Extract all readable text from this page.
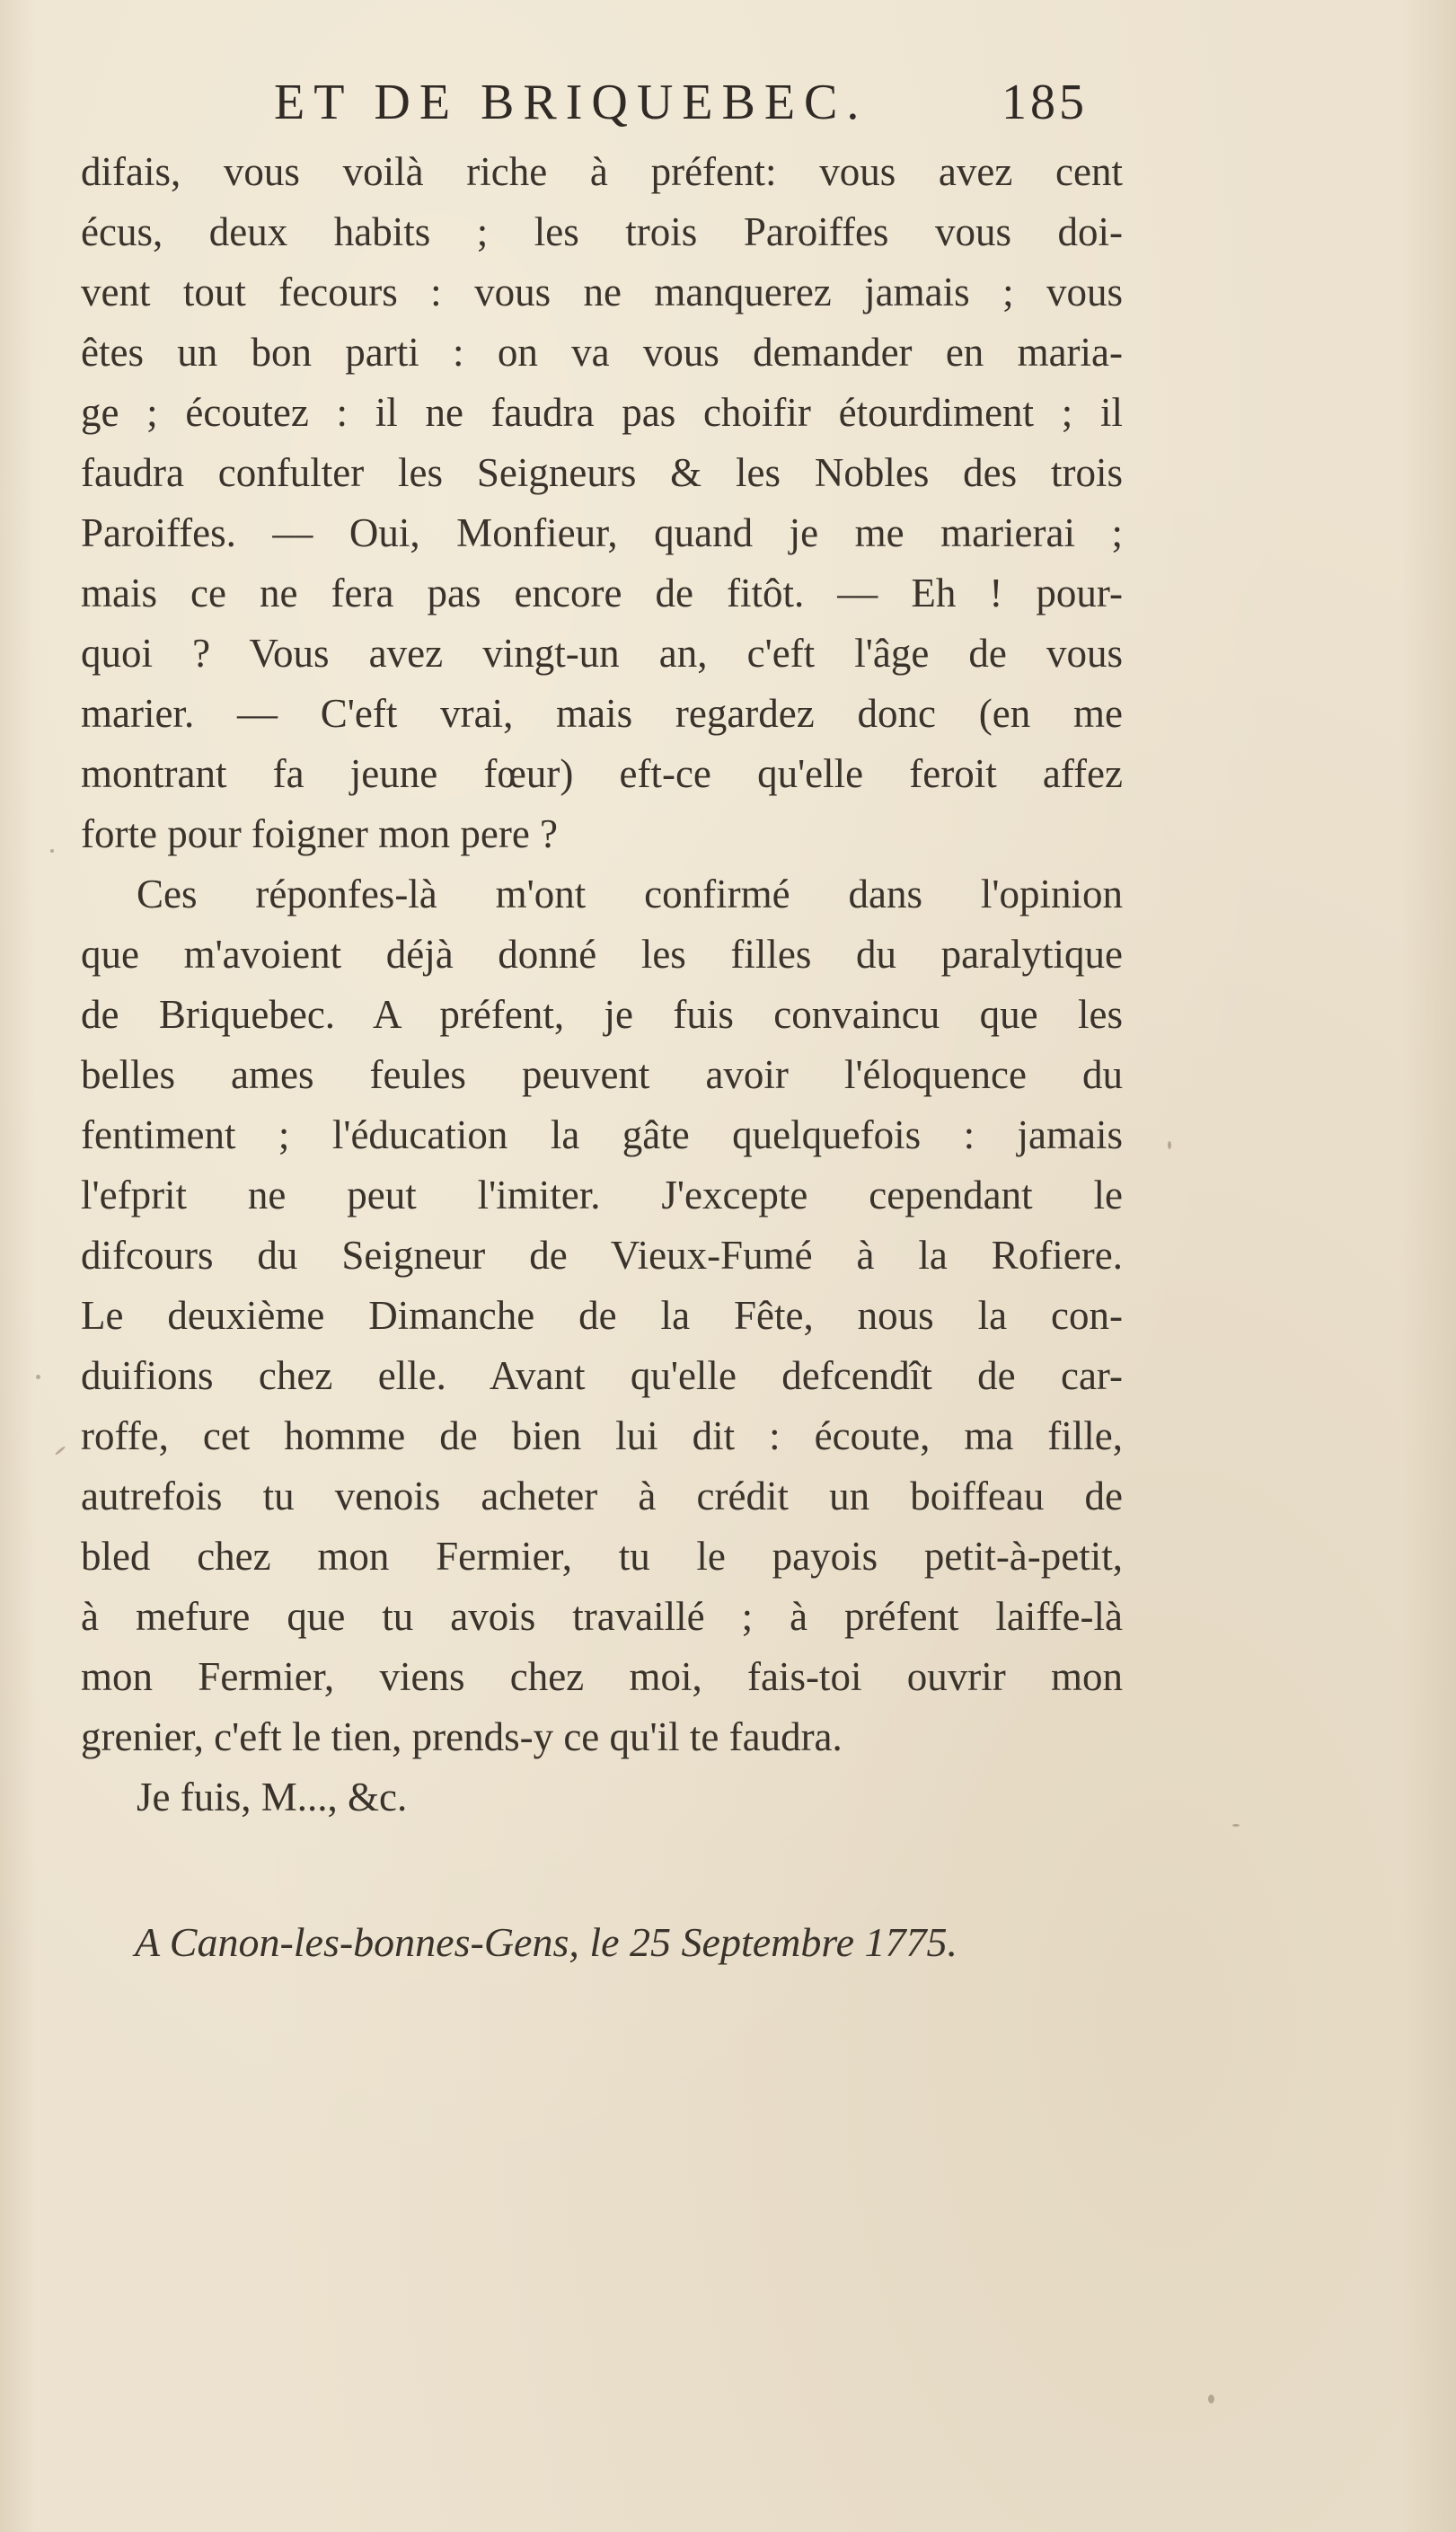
ET DE BRIQUEBEC.	185
difais, vous voilà riche à préfent: vous avez cent
écus, deux habits ; les trois Paroiffes vous doi-
vent tout fecours : vous ne manquerez jamais ; vous
êtes un bon parti : on va vous demander en maria-
ge ; écoutez : il ne faudra pas choifir étourdiment ; il
faudra confulter les Seigneurs & les Nobles des trois
Paroiffes. — Oui, Monfieur, quand je me marierai ;
mais ce ne fera pas encore de fitôt. — Eh ! pour-
quoi ? Vous avez vingt-un an, c'eft l'âge de vous
marier. — C'eft vrai, mais regardez donc (en me
montrant fa jeune fœur) eft-ce qu'elle feroit affez
forte pour foigner mon pere ?
Ces réponfes-là m'ont confirmé dans l'opinion
que m'avoient déjà donné les filles du paralytique
de Briquebec. A préfent, je fuis convaincu que les
belles ames feules peuvent avoir l'éloquence du
fentiment ; l'éducation la gâte quelquefois : jamais
l'efprit ne peut l'imiter. J'excepte cependant le
difcours du Seigneur de Vieux-Fumé à la Rofiere.
Le deuxième Dimanche de la Fête, nous la con-
duifions chez elle. Avant qu'elle defcendît de car-
roffe, cet homme de bien lui dit : écoute, ma fille,
autrefois tu venois acheter à crédit un boiffeau de
bled chez mon Fermier, tu le payois petit-à-petit,
à mefure que tu avois travaillé ; à préfent laiffe-là
mon Fermier, viens chez moi, fais-toi ouvrir mon
grenier, c'eft le tien, prends-y ce qu'il te faudra.
Je fuis, M..., &c.
A Canon-les-bonnes-Gens, le 25 Septembre 1775.
